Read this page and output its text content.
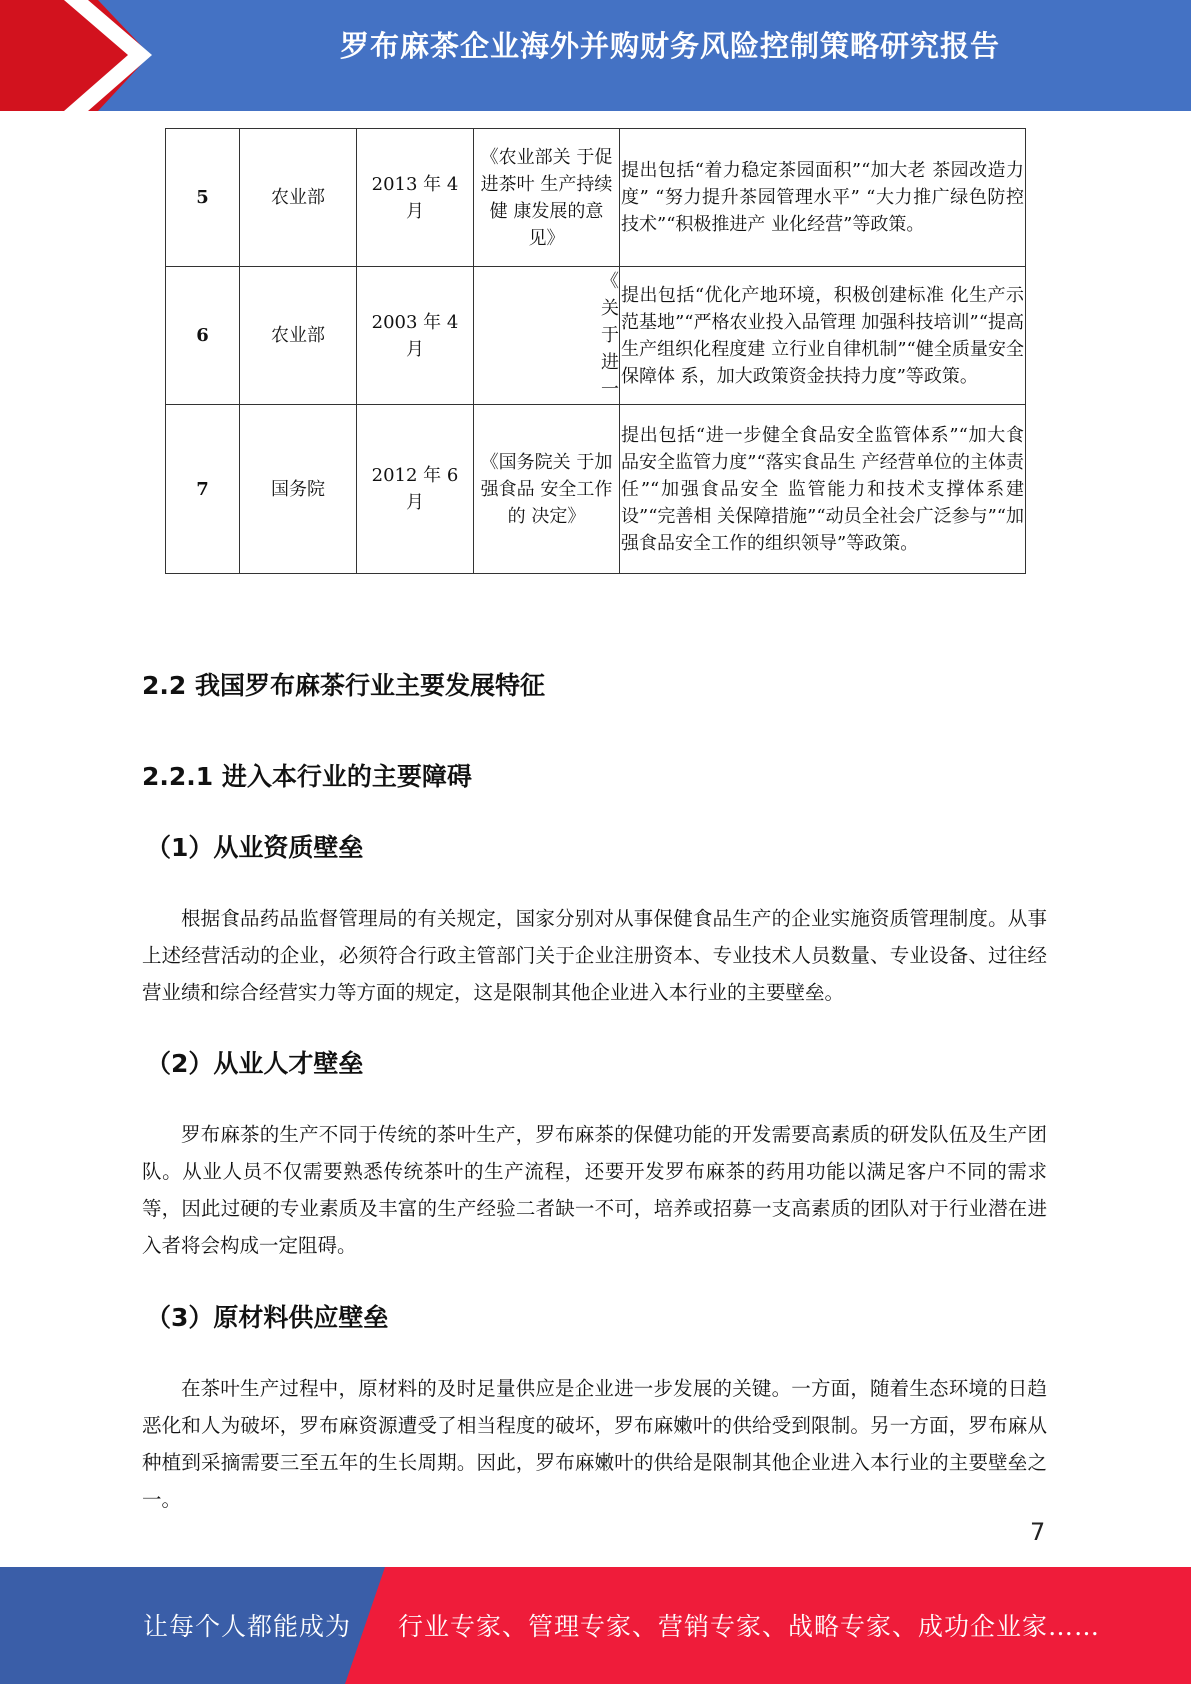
罗布麻茶企业海外并购财务风险控制策略研究报告
5	农业部	2013 年 4 月	《农业部关 于促进茶叶 生产持续健 康发展的意 见》	提出包括“着力稳定茶园面积”“加大老 茶园改造力度” “努力提升茶园管理水平” “大力推广绿色防控技术”“积极推进产 业化经营”等政策。
6	农业部	2003 年 4 月	《 关 于 进 一	提出包括“优化产地环境，积极创建标准 化生产示范基地”“严格农业投入品管理 加强科技培训”“提高生产组织化程度建 立行业自律机制”“健全质量安全保障体 系，加大政策资金扶持力度”等政策。
7	国务院	2012 年 6 月	《国务院关 于加强食品 安全工作的 决定》	提出包括“进一步健全食品安全监管体系”“加大食品安全监管力度”“落实食品生 产经营单位的主体责任”“加强食品安全 监管能力和技术支撑体系建设”“完善相 关保障措施”“动员全社会广泛参与”“加 强食品安全工作的组织领导”等政策。
2.2 我国罗布麻茶行业主要发展特征
2.2.1 进入本行业的主要障碍
（1）从业资质壁垒

根据食品药品监督管理局的有关规定，国家分别对从事保健食品生产的企业实施资质管理制度。从事上述经营活动的企业，必须符合行政主管部门关于企业注册资本、专业技术人员数量、专业设备、过往经营业绩和综合经营实力等方面的规定，这是限制其他企业进入本行业的主要壁垒。

（2）从业人才壁垒

罗布麻茶的生产不同于传统的茶叶生产，罗布麻茶的保健功能的开发需要高素质的研发队伍及生产团队。从业人员不仅需要熟悉传统茶叶的生产流程，还要开发罗布麻茶的药用功能以满足客户不同的需求等，因此过硬的专业素质及丰富的生产经验二者缺一不可，培养或招募一支高素质的团队对于行业潜在进入者将会构成一定阻碍。

（3）原材料供应壁垒

在茶叶生产过程中，原材料的及时足量供应是企业进一步发展的关键。一方面，随着生态环境的日趋恶化和人为破坏，罗布麻资源遭受了相当程度的破坏，罗布麻嫩叶的供给受到限制。另一方面，罗布麻从种植到采摘需要三至五年的生长周期。因此，罗布麻嫩叶的供给是限制其他企业进入本行业的主要壁垒之一。

7
让每个人都能成为 行业专家、管理专家、营销专家、战略专家、成功企业家……
